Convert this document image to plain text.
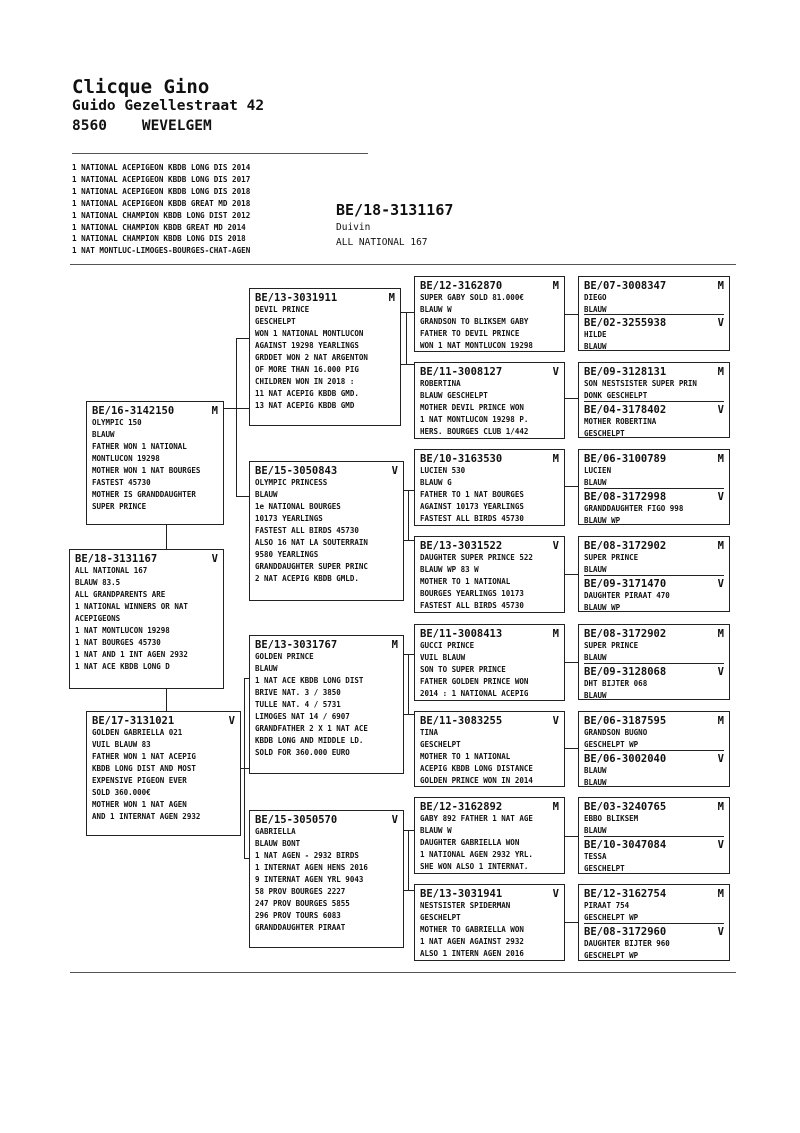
Clicque Gino
Guido Gezellestraat 42
8560    WEVELGEM
1 NATIONAL ACEPIGEON KBDB LONG DIS 2014
1 NATIONAL ACEPIGEON KBDB LONG DIS 2017
1 NATIONAL ACEPIGEON KBDB LONG DIS 2018
1 NATIONAL ACEPIGEON KBDB GREAT MD 2018
1 NATIONAL CHAMPION KBDB LONG DIST 2012
1 NATIONAL CHAMPION KBDB GREAT MD 2014
1 NATIONAL CHAMPION KBDB LONG DIS 2018
1 NAT MONTLUC-LIMOGES-BOURGES-CHAT-AGEN
BE/18-3131167
Duivin
ALL NATIONAL 167
BE/18-3131167	V
ALL NATIONAL 167
BLAUW 83.5
ALL GRANDPARENTS ARE
1 NATIONAL WINNERS OR NAT
ACEPIGEONS
1 NAT MONTLUCON 19298
1 NAT BOURGES 45730
1 NAT AND 1 INT AGEN 2932
1 NAT ACE KBDB LONG D
BE/16-3142150	M
OLYMPIC 150
BLAUW
FATHER WON 1 NATIONAL
MONTLUCON 19298
MOTHER WON 1 NAT BOURGES
FASTEST 45730
MOTHER IS GRANDDAUGHTER
SUPER PRINCE
BE/17-3131021	V
GOLDEN GABRIELLA 021
VUIL BLAUW 83
FATHER WON 1 NAT ACEPIG
KBDB LONG DIST AND MOST
EXPENSIVE PIGEON EVER
SOLD 360.000€
MOTHER WON 1 NAT AGEN
AND 1 INTERNAT AGEN 2932
BE/13-3031911	M
DEVIL PRINCE
GESCHELPT
WON 1 NATIONAL MONTLUCON
AGAINST 19298 YEARLINGS
GRDDET WON 2 NAT ARGENTON
OF MORE THAN 16.000 PIG
CHILDREN WON IN 2018 :
11 NAT ACEPIG KBDB GMD.
13 NAT ACEPIG KBDB GMD
BE/15-3050843	V
OLYMPIC PRINCESS
BLAUW
1e NATIONAL BOURGES
10173 YEARLINGS
FASTEST ALL BIRDS 45730
ALSO 16 NAT LA SOUTERRAIN
9580 YEARLINGS
GRANDDAUGHTER SUPER PRINC
2 NAT ACEPIG KBDB GMLD.
BE/13-3031767	M
GOLDEN PRINCE
BLAUW
1 NAT ACE KBDB LONG DIST
BRIVE NAT. 3 / 3850
TULLE NAT. 4 / 5731
LIMOGES NAT 14 / 6907
GRANDFATHER 2 X 1 NAT ACE
KBDB LONG AND MIDDLE LD.
SOLD FOR 360.000 EURO
BE/15-3050570	V
GABRIELLA
BLAUW BONT
1 NAT AGEN - 2932 BIRDS
1 INTERNAT AGEN HENS 2016
9 INTERNAT AGEN YRL 9043
58 PROV BOURGES 2227
247 PROV BOURGES 5855
296 PROV TOURS 6083
GRANDDAUGHTER PIRAAT
BE/12-3162870	M
SUPER GABY SOLD 81.000€
BLAUW W
GRANDSON TO BLIKSEM GABY
FATHER TO DEVIL PRINCE
WON 1 NAT MONTLUCON 19298
BE/11-3008127	V
ROBERTINA
BLAUW GESCHELPT
MOTHER DEVIL PRINCE WON
1 NAT MONTLUCON 19298 P.
HERS. BOURGES CLUB 1/442
BE/10-3163530	M
LUCIEN 530
BLAUW G
FATHER TO 1 NAT BOURGES
AGAINST 10173 YEARLINGS
FASTEST ALL BIRDS 45730
BE/13-3031522	V
DAUGHTER SUPER PRINCE 522
BLAUW WP 83 W
MOTHER TO 1 NATIONAL
BOURGES YEARLINGS 10173
FASTEST ALL BIRDS 45730
BE/11-3008413	M
GUCCI PRINCE
VUIL BLAUW
SON TO SUPER PRINCE
FATHER GOLDEN PRINCE WON
2014 : 1 NATIONAL ACEPIG
BE/11-3083255	V
TINA
GESCHELPT
MOTHER TO 1 NATIONAL
ACEPIG KBDB LONG DISTANCE
GOLDEN PRINCE WON IN 2014
BE/12-3162892	M
GABY 892 FATHER 1 NAT AGE
BLAUW W
DAUGHTER GABRIELLA WON
1 NATIONAL AGEN 2932 YRL.
SHE WON ALSO 1 INTERNAT.
BE/13-3031941	V
NESTSISTER SPIDERMAN
GESCHELPT
MOTHER TO GABRIELLA WON
1 NAT AGEN AGAINST 2932
ALSO 1 INTERN AGEN 2016
BE/07-3008347	M
DIEGO
BLAUW
BE/02-3255938	V
HILDE
BLAUW
BE/09-3128131	M
SON NESTSISTER SUPER PRIN
DONK GESCHELPT
BE/04-3178402	V
MOTHER ROBERTINA
GESCHELPT
BE/06-3100789	M
LUCIEN
BLAUW
BE/08-3172998	V
GRANDDAUGHTER FIGO 998
BLAUW WP
BE/08-3172902	M
SUPER PRINCE
BLAUW
BE/09-3171470	V
DAUGHTER PIRAAT 470
BLAUW WP
BE/08-3172902	M
SUPER PRINCE
BLAUW
BE/09-3128068	V
DHT BIJTER 068
BLAUW
BE/06-3187595	M
GRANDSON BUGNO
GESCHELPT WP
BE/06-3002040	V
BLAUW
BLAUW
BE/03-3240765	M
EBBO BLIKSEM
BLAUW
BE/10-3047084	V
TESSA
GESCHELPT
BE/12-3162754	M
PIRAAT 754
GESCHELPT WP
BE/08-3172960	V
DAUGHTER BIJTER 960
GESCHELPT WP
